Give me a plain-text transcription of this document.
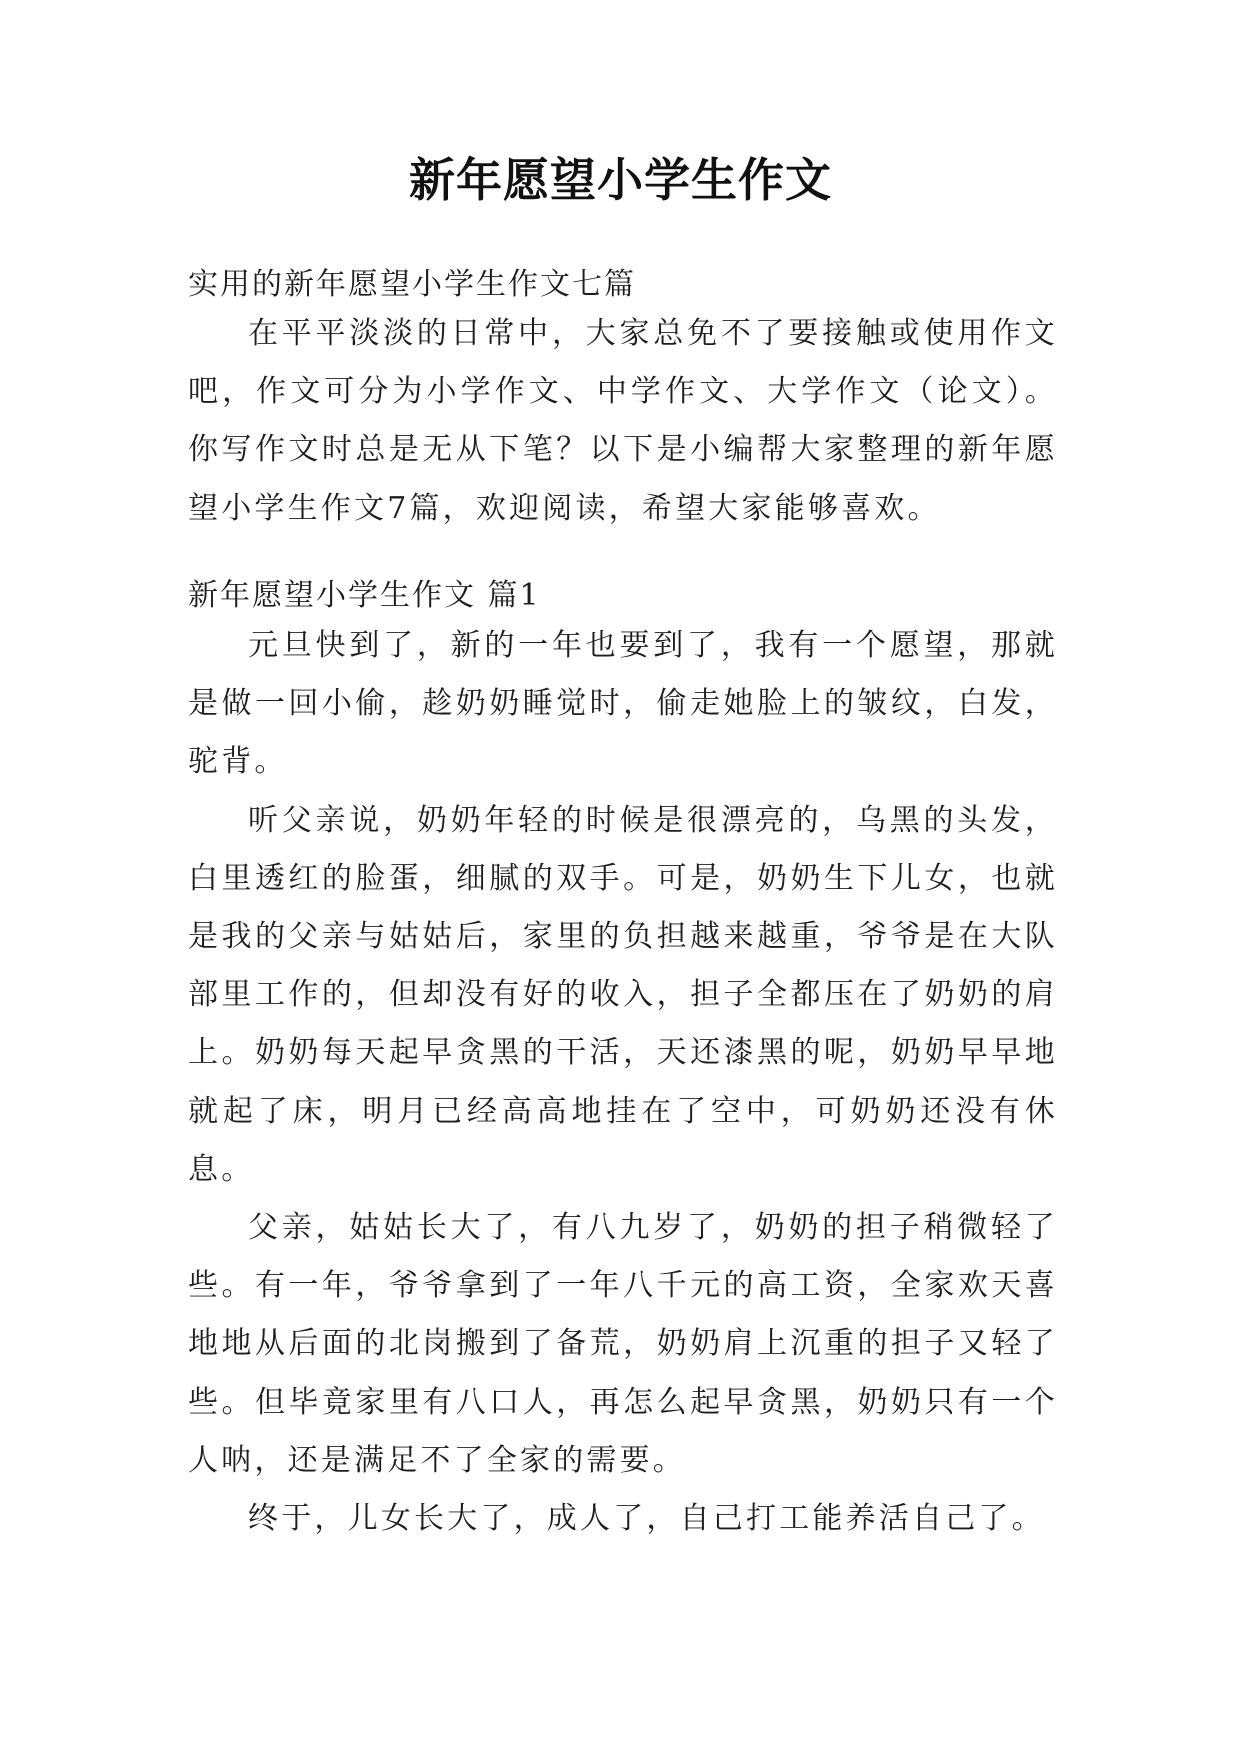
新年愿望小学生作文
实用的新年愿望小学生作文七篇

在平平淡淡的日常中，大家总免不了要接触或使用作文吧，作文可分为小学作文、中学作文、大学作文（论文）。你写作文时总是无从下笔？以下是小编帮大家整理的新年愿望小学生作文7篇，欢迎阅读，希望大家能够喜欢。

新年愿望小学生作文 篇1

元旦快到了，新的一年也要到了，我有一个愿望，那就是做一回小偷，趁奶奶睡觉时，偷走她脸上的皱纹，白发，驼背。

听父亲说，奶奶年轻的时候是很漂亮的，乌黑的头发，白里透红的脸蛋，细腻的双手。可是，奶奶生下儿女，也就是我的父亲与姑姑后，家里的负担越来越重，爷爷是在大队部里工作的，但却没有好的收入，担子全都压在了奶奶的肩上。奶奶每天起早贪黑的干活，天还漆黑的呢，奶奶早早地就起了床，明月已经高高地挂在了空中，可奶奶还没有休息。

父亲，姑姑长大了，有八九岁了，奶奶的担子稍微轻了些。有一年，爷爷拿到了一年八千元的高工资，全家欢天喜地地从后面的北岗搬到了备荒，奶奶肩上沉重的担子又轻了些。但毕竟家里有八口人，再怎么起早贪黑，奶奶只有一个人呐，还是满足不了全家的需要。

终于，儿女长大了，成人了，自己打工能养活自己了。
